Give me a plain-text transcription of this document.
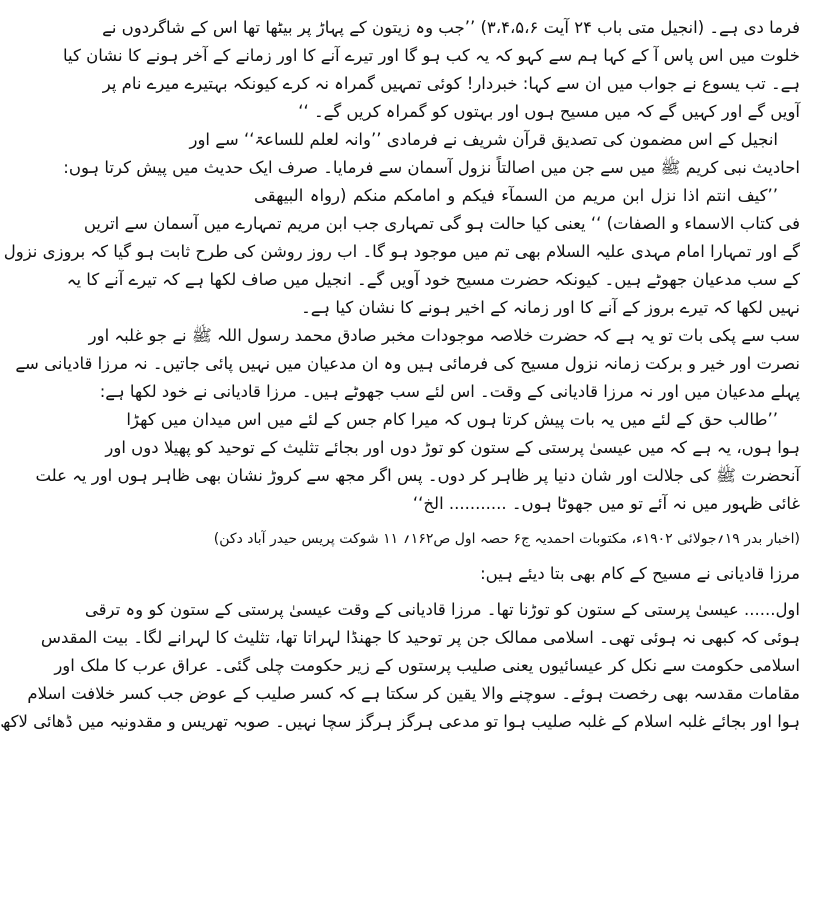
فرما دی ہے۔ (انجیل متی باب ۲۴ آیت ۳،۴،۵،۶) ’’جب وہ زیتون کے پہاڑ پر بیٹھا تھا اس کے شاگردوں نے

خلوت میں اس پاس آ کے کہا ہم سے کہو کہ یہ کب ہو گا اور تیرے آنے کا اور زمانے کے آخر ہونے کا نشان کیا

ہے۔ تب یسوع نے جواب میں ان سے کہا: خبردار! کوئی تمہیں گمراہ نہ کرے کیونکہ بہتیرے میرے نام پر

آویں گے اور کہیں گے کہ میں مسیح ہوں اور بہتوں کو گمراہ کریں گے۔ ‘‘

انجیل کے اس مضمون کی تصدیق قرآن شریف نے فرمادی ’’وانہ لعلم للساعۃ‘‘ سے اور

احادیث نبی کریم ﷺ میں سے جن میں اصالتاً نزول آسمان سے فرمایا۔ صرف ایک حدیث میں پیش کرتا ہوں:

’’کیف انتم اذا نزل ابن مریم من السمآء فیکم و امامکم منکم (رواہ البیھقی

فی کتاب الاسماء و الصفات) ‘‘ یعنی کیا حالت ہو گی تمہاری جب ابن مریم تمہارے میں آسمان سے اتریں

گے اور تمہارا امام مہدی علیہ السلام بھی تم میں موجود ہو گا۔ اب روز روشن کی طرح ثابت ہو گیا کہ بروزی نزول

کے سب مدعیان جھوٹے ہیں۔ کیونکہ حضرت مسیح خود آویں گے۔ انجیل میں صاف لکھا ہے کہ تیرے آنے کا یہ

نہیں لکھا کہ تیرے بروز کے آنے کا اور زمانہ کے اخیر ہونے کا نشان کیا ہے۔

سب سے پکی بات تو یہ ہے کہ حضرت خلاصہ موجودات مخبر صادق محمد رسول اللہ ﷺ نے جو غلبہ اور

نصرت اور خیر و برکت زمانہ نزول مسیح کی فرمائی ہیں وہ ان مدعیان میں نہیں پائی جاتیں۔ نہ مرزا قادیانی سے

پہلے مدعیان میں اور نہ مرزا قادیانی کے وقت۔ اس لئے سب جھوٹے ہیں۔ مرزا قادیانی نے خود لکھا ہے:

’’طالب حق کے لئے میں یہ بات پیش کرتا ہوں کہ میرا کام جس کے لئے میں اس میدان میں کھڑا

ہوا ہوں، یہ ہے کہ میں عیسیٰ پرستی کے ستون کو توڑ دوں اور بجائے تثلیث کے توحید کو پھیلا دوں اور

آنحضرت ﷺ کی جلالت اور شان دنیا پر ظاہر کر دوں۔ پس اگر مجھ سے کروڑ نشان بھی ظاہر ہوں اور یہ علت

غائی ظہور میں نہ آئے تو میں جھوٹا ہوں۔ ........... الخ‘‘

(اخبار بدر ۱۹؍جولائی ۱۹۰۲ء، مکتوبات احمدیہ ج۶ حصہ اول ص۱۶۲؍ ۱۱ شوکت پریس حیدر آباد دکن)

مرزا قادیانی نے مسیح کے کام بھی بتا دیئے ہیں:

اول...... عیسیٰ پرستی کے ستون کو توڑنا تھا۔ مرزا قادیانی کے وقت عیسیٰ پرستی کے ستون کو وہ ترقی

ہوئی کہ کبھی نہ ہوئی تھی۔ اسلامی ممالک جن پر توحید کا جھنڈا لہراتا تھا، تثلیث کا لہرانے لگا۔ بیت المقدس

اسلامی حکومت سے نکل کر عیسائیوں یعنی صلیب پرستوں کے زیر حکومت چلی گئی۔ عراق عرب کا ملک اور

مقامات مقدسہ بھی رخصت ہوئے۔ سوچنے والا یقین کر سکتا ہے کہ کسر صلیب کے عوض جب کسر خلافت اسلام

ہوا اور بجائے غلبہ اسلام کے غلبہ صلیب ہوا تو مدعی ہرگز ہرگز سچا نہیں۔ صوبہ تھریس و مقدونیہ میں ڈھائی لاکھ
